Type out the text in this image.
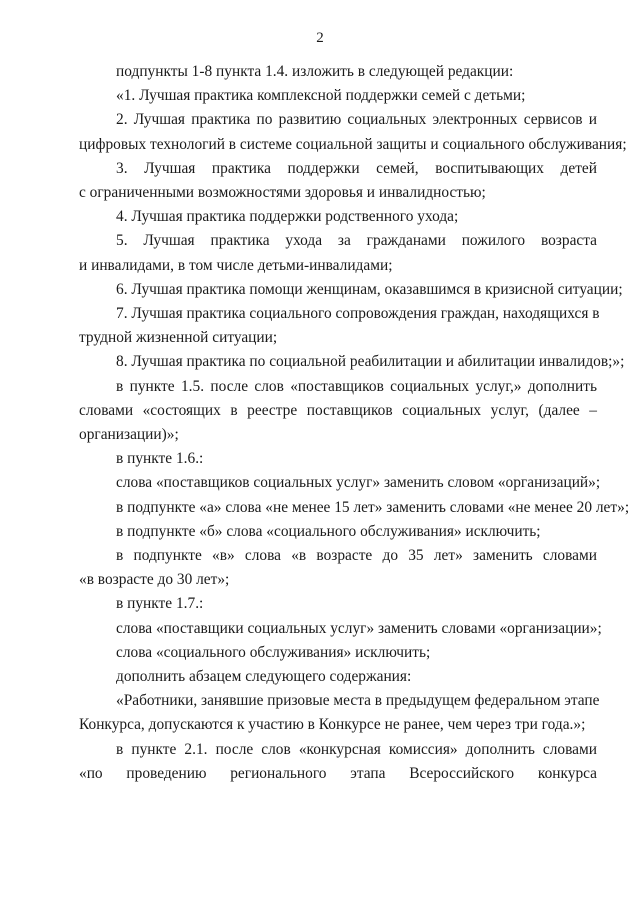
2
подпункты 1-8 пункта 1.4. изложить в следующей редакции:
«1. Лучшая практика комплексной поддержки семей с детьми;
2. Лучшая практика по развитию социальных электронных сервисов и
цифровых технологий в системе социальной защиты и социального обслуживания;
3. Лучшая практика поддержки семей, воспитывающих детей
с ограниченными возможностями здоровья и инвалидностью;
4. Лучшая практика поддержки родственного ухода;
5. Лучшая практика ухода за гражданами пожилого возраста
и инвалидами, в том числе детьми-инвалидами;
6. Лучшая практика помощи женщинам, оказавшимся в кризисной ситуации;
7. Лучшая практика социального сопровождения граждан, находящихся в
трудной жизненной ситуации;
8. Лучшая практика по социальной реабилитации и абилитации инвалидов;»;
в пункте 1.5. после слов «поставщиков социальных услуг,» дополнить
словами «состоящих в реестре поставщиков социальных услуг, (далее –
организации)»;
в пункте 1.6.:
слова «поставщиков социальных услуг» заменить словом «организаций»;
в подпункте «а» слова «не менее 15 лет» заменить словами «не менее 20 лет»;
в подпункте «б» слова «социального обслуживания» исключить;
в подпункте «в» слова «в возрасте до 35 лет» заменить словами
«в возрасте до 30 лет»;
в пункте 1.7.:
слова «поставщики социальных услуг» заменить словами «организации»;
слова «социального обслуживания» исключить;
дополнить абзацем следующего содержания:
«Работники, занявшие призовые места в предыдущем федеральном этапе
Конкурса, допускаются к участию в Конкурсе не ранее, чем через три года.»;
в пункте 2.1. после слов «конкурсная комиссия» дополнить словами
«по проведению регионального этапа Всероссийского конкурса
